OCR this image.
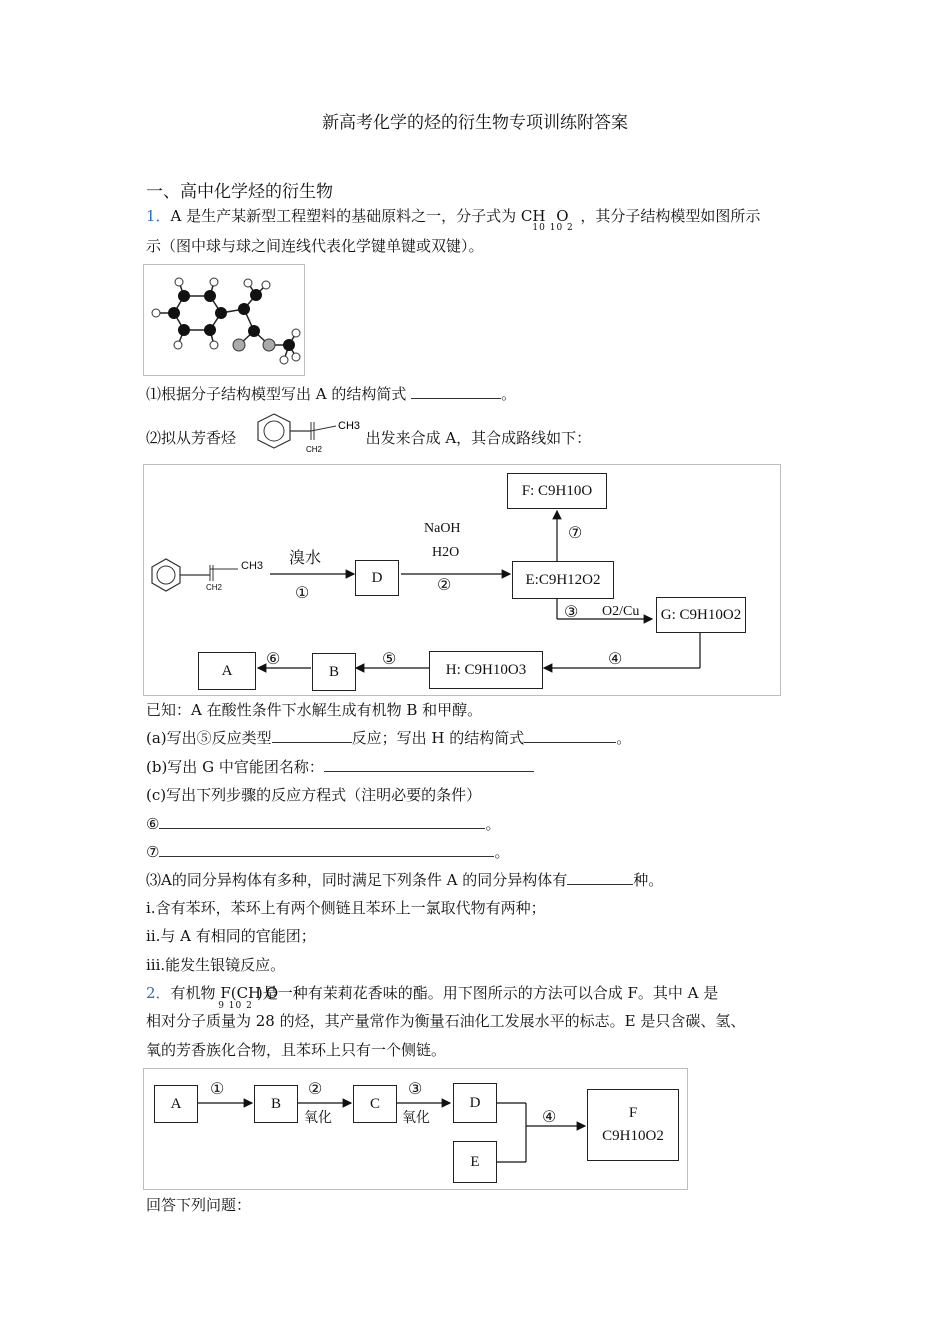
新高考化学的烃的衍生物专项训练附答案
一、高中化学烃的衍生物
1．A 是生产某新型工程塑料的基础原料之一，分子式为 CH O
10 10 2
，其分子结构模型如图所示
示（图中球与球之间连线代表化学键单键或双键）。
⑴根据分子结构模型写出 A 的结构简式	。
⑵拟从芳香烃	出发来合成 A，其合成路线如下：
CH3
CH2
CH3
CH2
溴水
①
D
NaOH
H2O
②	E:C9H12O2
⑦
F: C9H10O
③ O2/Cu	G: C9H10O2
④
H: C9H10O3
⑤
B
⑥
A
已知：A 在酸性条件下水解生成有机物 B 和甲醇。
(a)写出⑤反应类型	反应；写出 H 的结构简式	。
(b)写出 G 中官能团名称：
(c)写出下列步骤的反应方程式（注明必要的条件）
⑥	。
⑦	。
⑶A的同分异构体有多种，同时满足下列条件 A 的同分异构体有	种。
ⅰ.含有苯环，苯环上有两个侧链且苯环上一氯取代物有两种；
ⅱ.与 A 有相同的官能团；
iii.能发生银镜反应。
2．有机物 F(CH $O_{9 10 2}$)是一种有茉莉花香味的酯。用下图所示的方法可以合成 F。其中 A 是
相对分子质量为 28 的烃，其产量常作为衡量石油化工发展水平的标志。E 是只含碳、氢、
氧的芳香族化合物，且苯环上只有一个侧链。
A
①
B
②
氧化
C
③
氧化
D
E
④	F
C9H10O2
回答下列问题：
